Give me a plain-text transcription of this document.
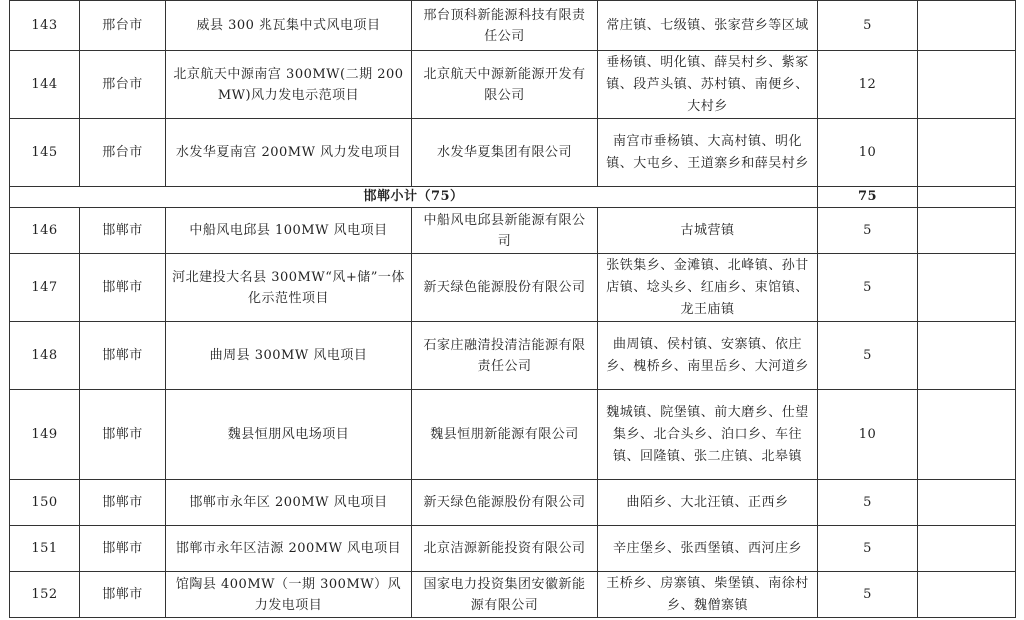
143	邢台市	威县 300 兆瓦集中式风电项目	邢台顶科新能源科技有限责任公司	常庄镇、七级镇、张家营乡等区域	5	
144	邢台市	北京航天中源南宫 300MW(二期 200MW)风力发电示范项目	北京航天中源新能源开发有限公司	垂杨镇、明化镇、薛吴村乡、紫冢镇、段芦头镇、苏村镇、南便乡、大村乡	12	
145	邢台市	水发华夏南宫 200MW 风力发电项目	水发华夏集团有限公司	南宫市垂杨镇、大高村镇、明化镇、大屯乡、王道寨乡和薛吴村乡	10	
邯郸小计（75）					75	
146	邯郸市	中船风电邱县 100MW 风电项目	中船风电邱县新能源有限公司	古城营镇	5	
147	邯郸市	河北建投大名县 300MW“风+储”一体化示范性项目	新天绿色能源股份有限公司	张铁集乡、金滩镇、北峰镇、孙甘店镇、埝头乡、红庙乡、束馆镇、龙王庙镇	5	
148	邯郸市	曲周县 300MW 风电项目	石家庄融清投清洁能源有限责任公司	曲周镇、侯村镇、安寨镇、依庄乡、槐桥乡、南里岳乡、大河道乡	5	
149	邯郸市	魏县恒朋风电场项目	魏县恒朋新能源有限公司	魏城镇、院堡镇、前大磨乡、仕望集乡、北合头乡、泊口乡、车往镇、回隆镇、张二庄镇、北皋镇	10	
150	邯郸市	邯郸市永年区 200MW 风电项目	新天绿色能源股份有限公司	曲陌乡、大北汪镇、正西乡	5	
151	邯郸市	邯郸市永年区洁源 200MW 风电项目	北京洁源新能投资有限公司	辛庄堡乡、张西堡镇、西河庄乡	5	
152	邯郸市	馆陶县 400MW（一期 300MW）风力发电项目	国家电力投资集团安徽新能源有限公司	王桥乡、房寨镇、柴堡镇、南徐村乡、魏僧寨镇	5	
